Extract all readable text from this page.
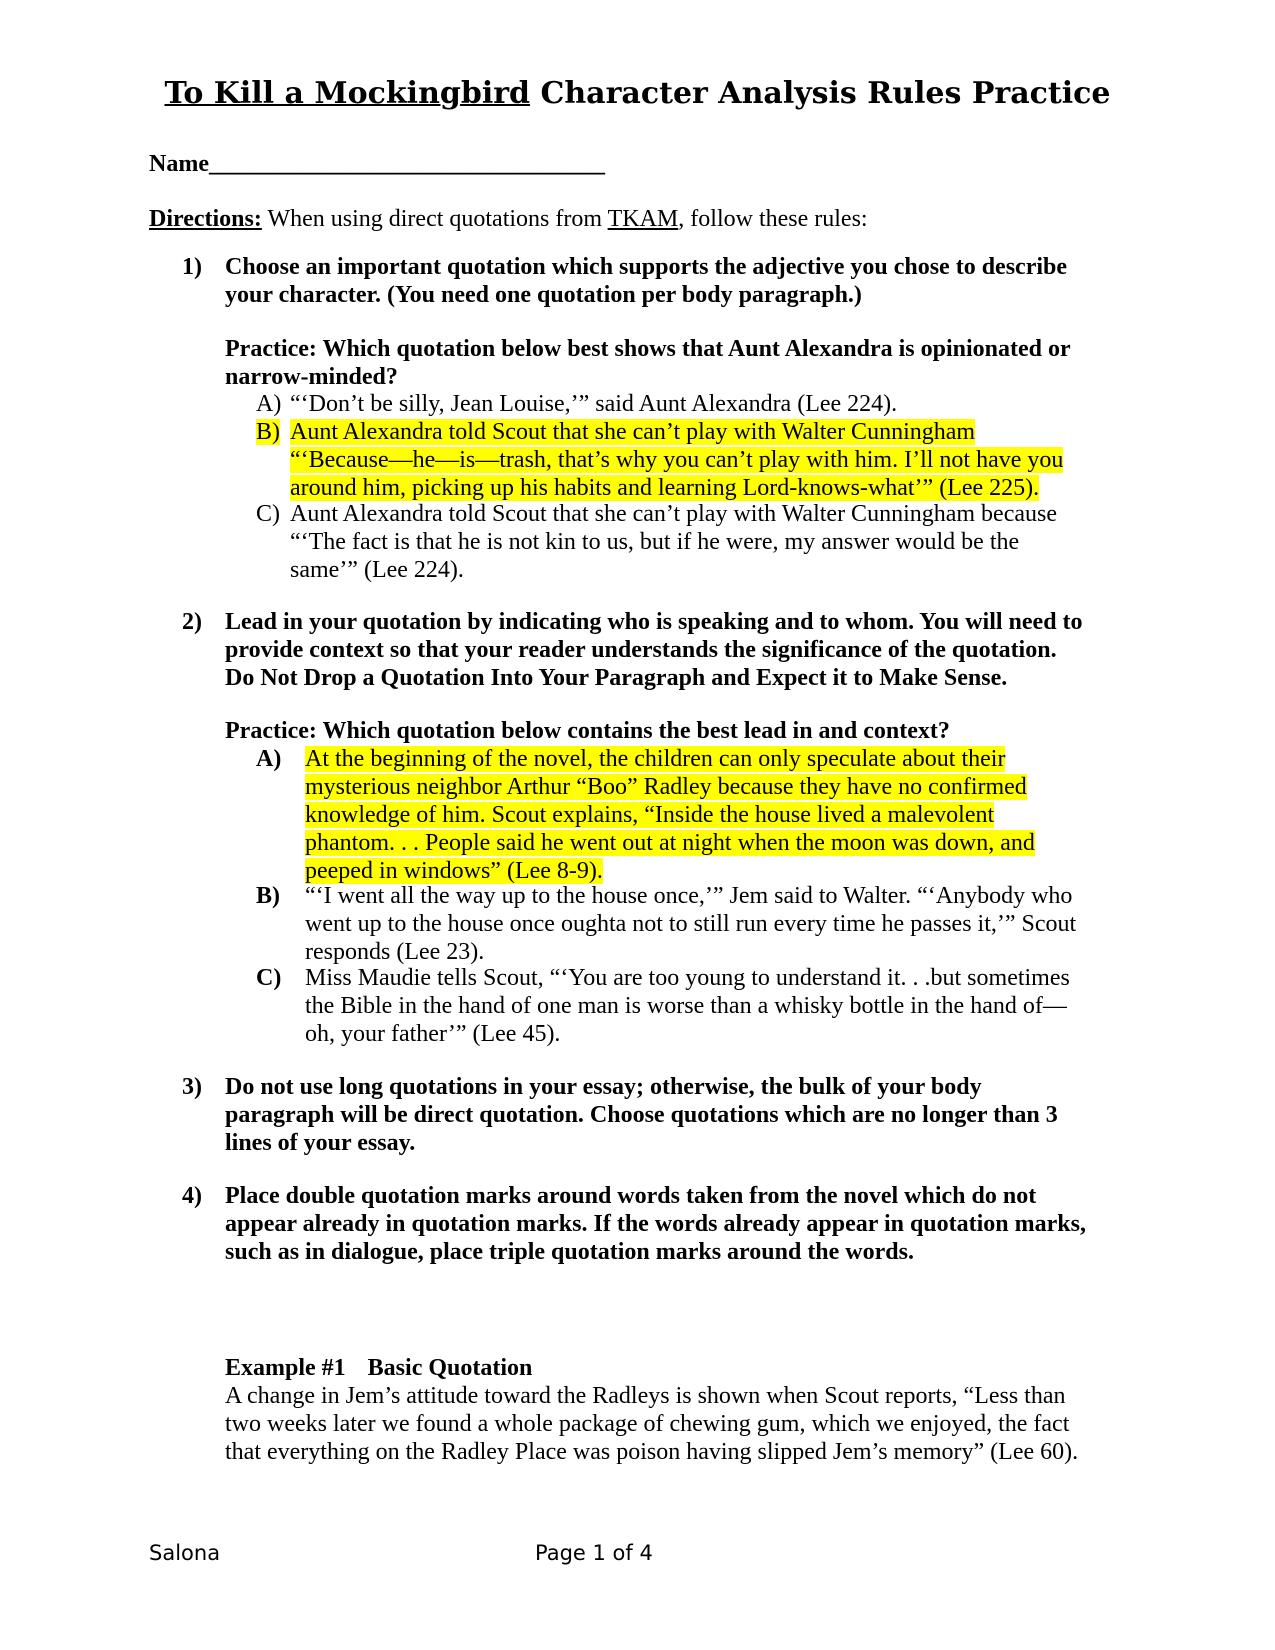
To Kill a Mockingbird Character Analysis Rules Practice
Name_________________________________
Directions: When using direct quotations from TKAM, follow these rules:
1) Choose an important quotation which supports the adjective you chose to describe
your character. (You need one quotation per body paragraph.)
Practice: Which quotation below best shows that Aunt Alexandra is opinionated or
narrow-minded?
A) “‘Don’t be silly, Jean Louise,’” said Aunt Alexandra (Lee 224).
B) Aunt Alexandra told Scout that she can’t play with Walter Cunningham
“‘Because—he—is—trash, that’s why you can’t play with him. I’ll not have you
around him, picking up his habits and learning Lord-knows-what’” (Lee 225).
C) Aunt Alexandra told Scout that she can’t play with Walter Cunningham because
“‘The fact is that he is not kin to us, but if he were, my answer would be the
same’” (Lee 224).
2) Lead in your quotation by indicating who is speaking and to whom. You will need to
provide context so that your reader understands the significance of the quotation.
Do Not Drop a Quotation Into Your Paragraph and Expect it to Make Sense.
Practice: Which quotation below contains the best lead in and context?
A) At the beginning of the novel, the children can only speculate about their
mysterious neighbor Arthur “Boo” Radley because they have no confirmed
knowledge of him. Scout explains, “Inside the house lived a malevolent
phantom. . . People said he went out at night when the moon was down, and
peeped in windows” (Lee 8-9).
B) “‘I went all the way up to the house once,’” Jem said to Walter. “‘Anybody who
went up to the house once oughta not to still run every time he passes it,’” Scout
responds (Lee 23).
C) Miss Maudie tells Scout, “‘You are too young to understand it. . .but sometimes
the Bible in the hand of one man is worse than a whisky bottle in the hand of—
oh, your father’” (Lee 45).
3) Do not use long quotations in your essay; otherwise, the bulk of your body
paragraph will be direct quotation. Choose quotations which are no longer than 3
lines of your essay.
4) Place double quotation marks around words taken from the novel which do not
appear already in quotation marks. If the words already appear in quotation marks,
such as in dialogue, place triple quotation marks around the words.
Example #1 Basic Quotation
A change in Jem’s attitude toward the Radleys is shown when Scout reports, “Less than
two weeks later we found a whole package of chewing gum, which we enjoyed, the fact
that everything on the Radley Place was poison having slipped Jem’s memory” (Lee 60).
Salona	Page 1 of 4
